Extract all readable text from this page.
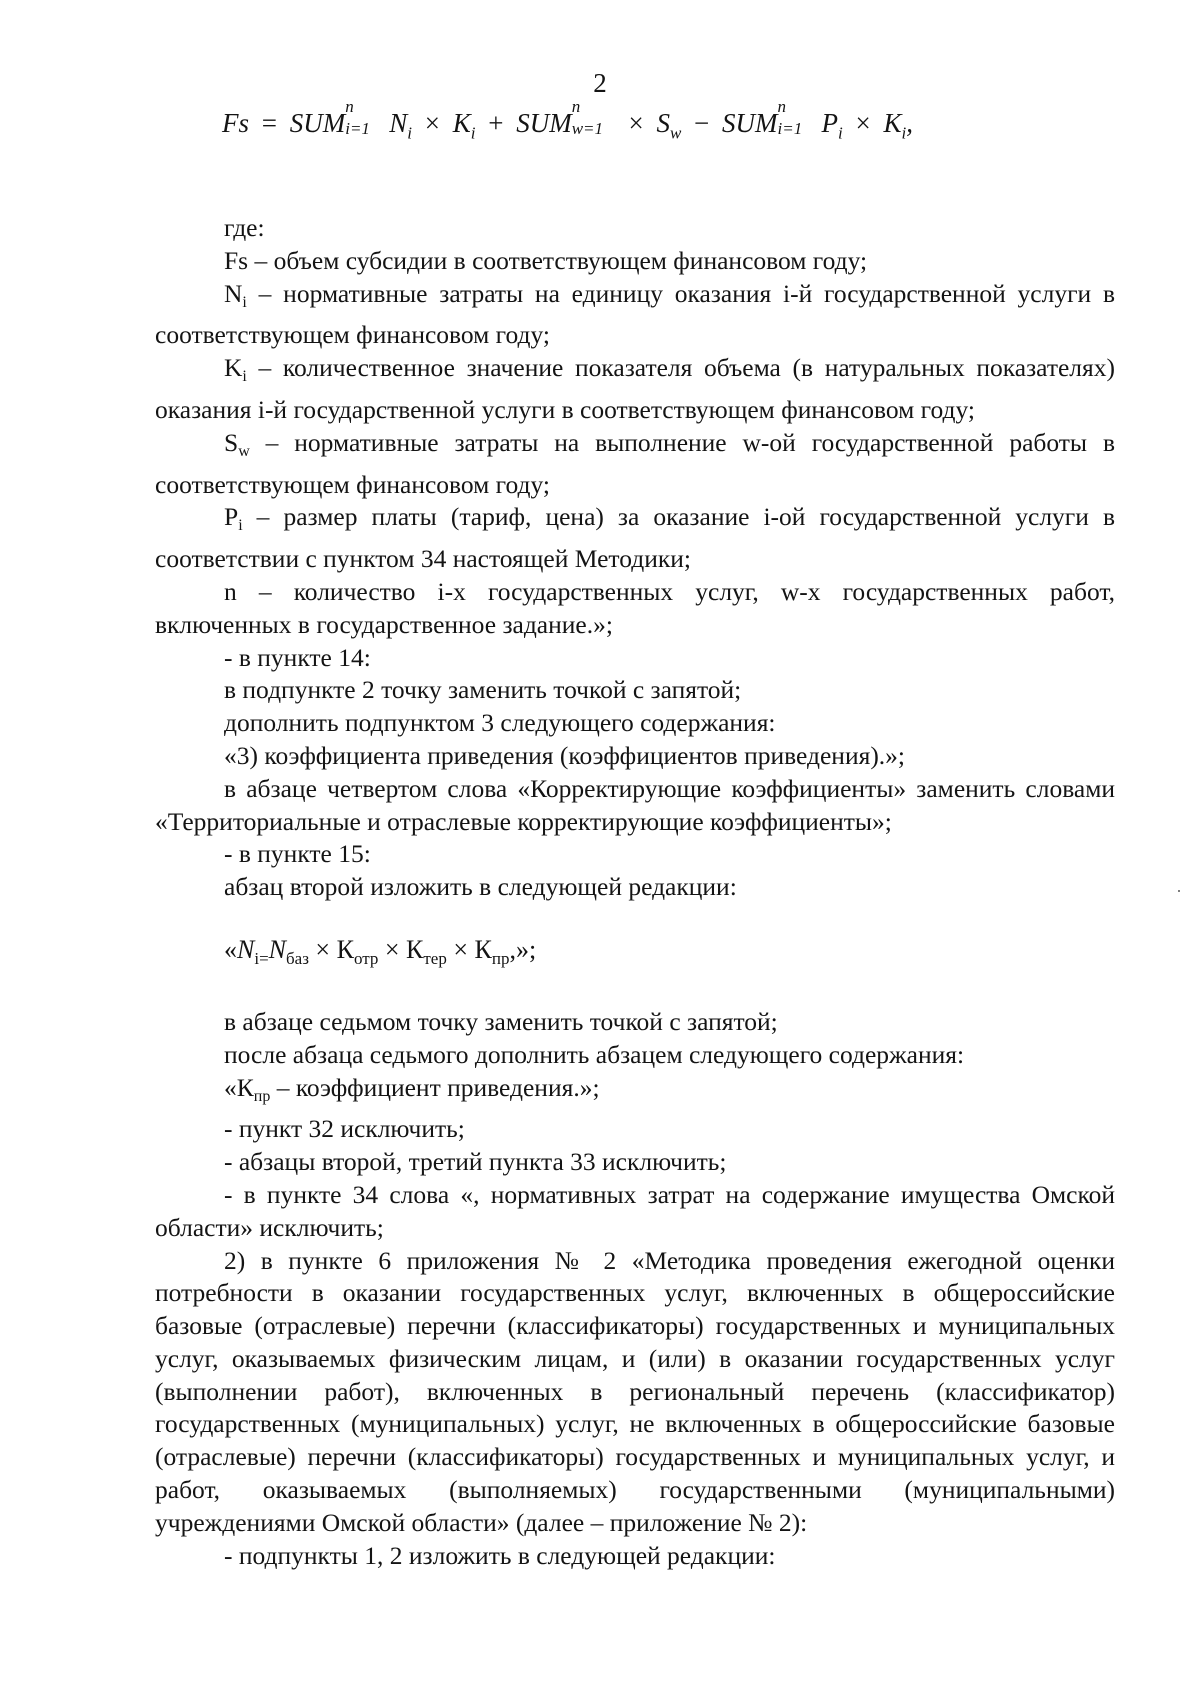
2
Fs = SUM
n
i=1 $N_i \times K_i$ + SUM
n
$w=1 \times S_w$ − SUM
n
i=1 $P_i \times K_i$,

где:

Fs – объем субсидии в соответствующем финансовом году;

$N_i$ – нормативные затраты на единицу оказания i-й государственной услуги в соответствующем финансовом году;

$K_i$ – количественное значение показателя объема (в натуральных показателях) оказания i-й государственной услуги в соответствующем финансовом году;

$S_w$ – нормативные затраты на выполнение w-ой государственной работы в соответствующем финансовом году;

$P_i$ – размер платы (тариф, цена) за оказание i-ой государственной услуги в соответствии с пунктом 34 настоящей Методики;

n – количество i-х государственных услуг, w-х государственных работ, включенных в государственное задание.»;

- в пункте 14:

в подпункте 2 точку заменить точкой с запятой;

дополнить подпунктом 3 следующего содержания:

«3) коэффициента приведения (коэффициентов приведения).»;

в абзаце четвертом слова «Корректирующие коэффициенты» заменить словами «Территориальные и отраслевые корректирующие коэффициенты»;

- в пункте 15:

абзац второй изложить в следующей редакции:

«$N_{i=}N_{баз} \times К_{отр} \times К_{тер} \times К_{пр}$,»;

в абзаце седьмом точку заменить точкой с запятой;

после абзаца седьмого дополнить абзацем следующего содержания:

«$К_{пр}$ – коэффициент приведения.»;

- пункт 32 исключить;

- абзацы второй, третий пункта 33 исключить;

- в пункте 34 слова «, нормативных затрат на содержание имущества Омской области» исключить;

2) в пункте 6 приложения № 2 «Методика проведения ежегодной оценки потребности в оказании государственных услуг, включенных в общероссийские базовые (отраслевые) перечни (классификаторы) государственных и муниципальных услуг, оказываемых физическим лицам, и (или) в оказании государственных услуг (выполнении работ), включенных в региональный перечень (классификатор) государственных (муниципальных) услуг, не включенных в общероссийские базовые (отраслевые) перечни (классификаторы) государственных и муниципальных услуг, и работ, оказываемых (выполняемых) государственными (муниципальными) учреждениями Омской области» (далее – приложение № 2):

- подпункты 1, 2 изложить в следующей редакции:
